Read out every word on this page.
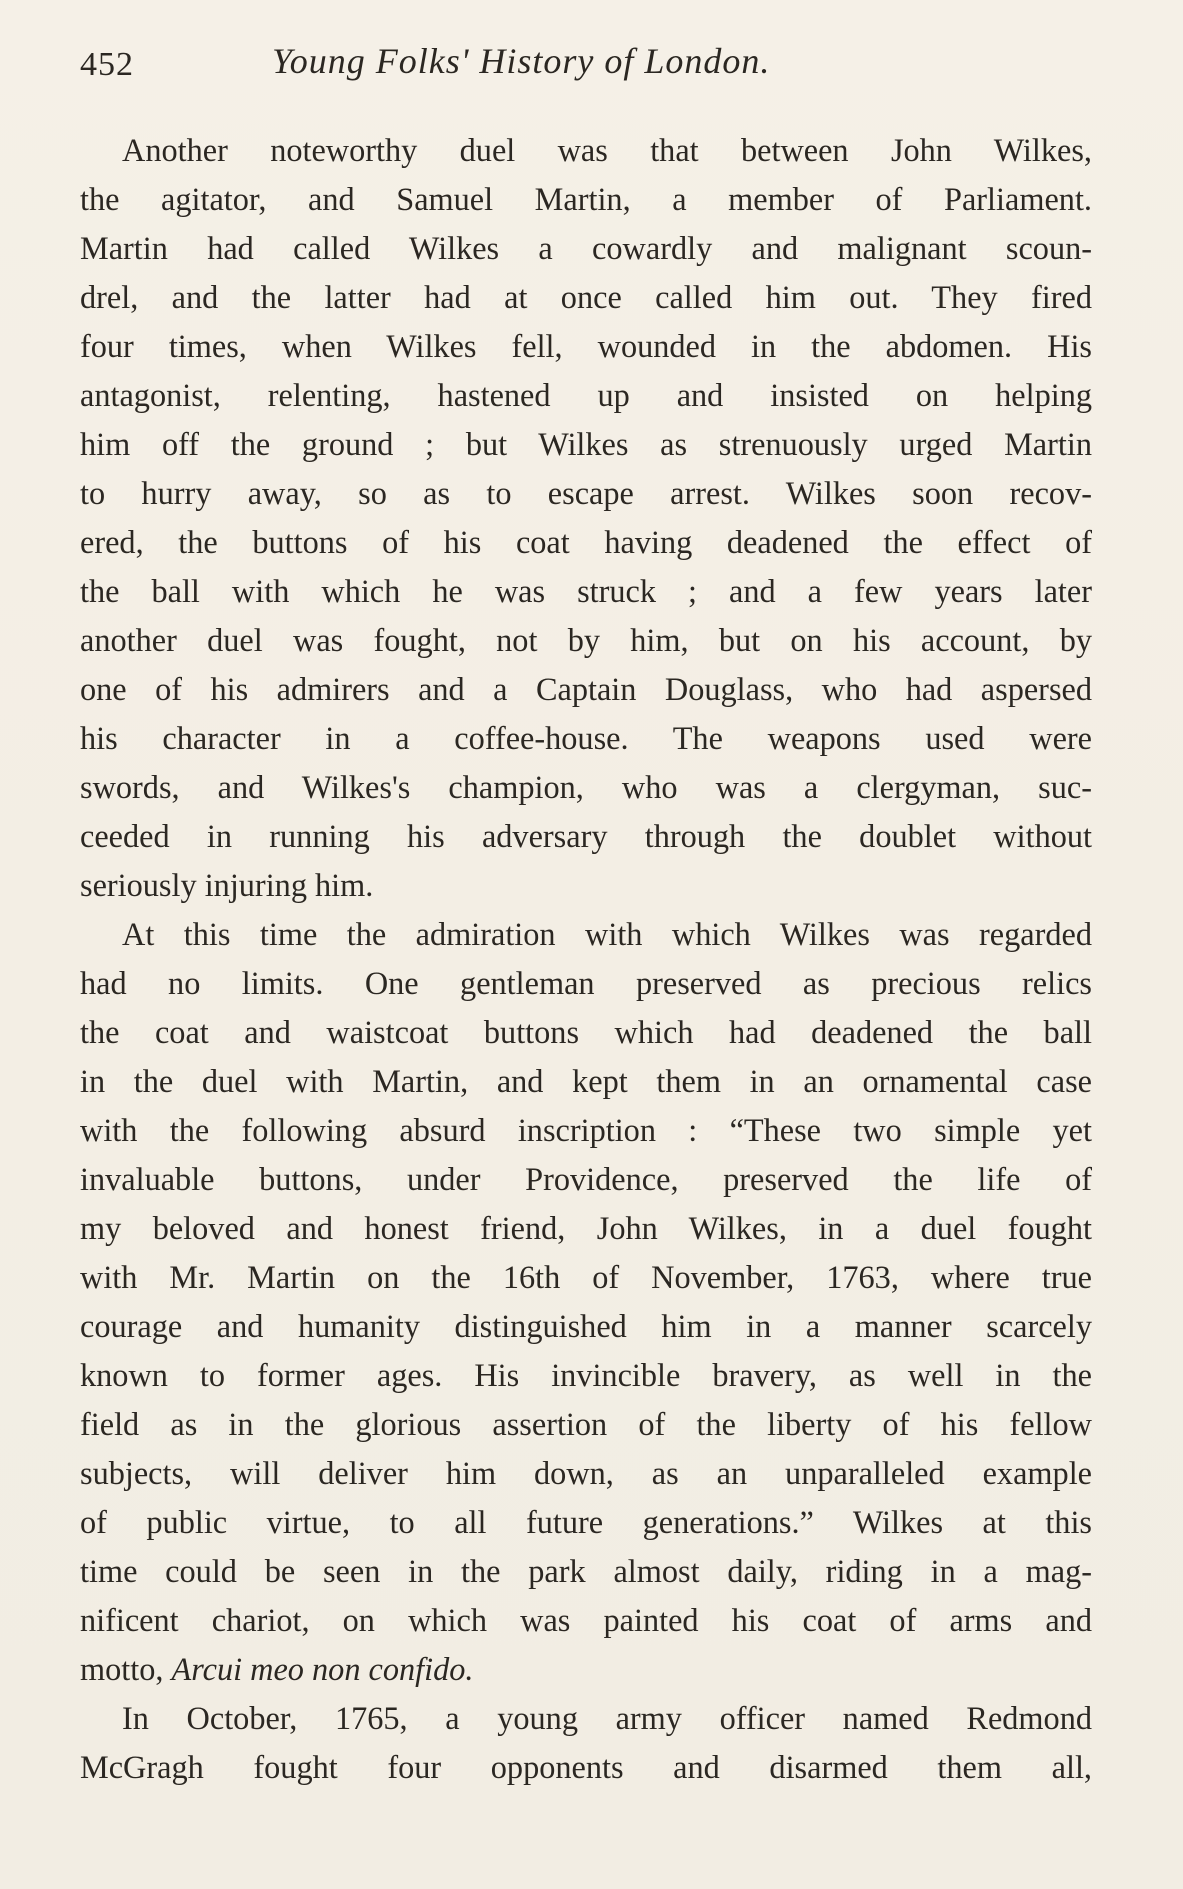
452	Young Folks' History of London.
Another noteworthy duel was that between John Wilkes,
the agitator, and Samuel Martin, a member of Parliament.
Martin had called Wilkes a cowardly and malignant scoun-
drel, and the latter had at once called him out. They fired
four times, when Wilkes fell, wounded in the abdomen. His
antagonist, relenting, hastened up and insisted on helping
him off the ground ; but Wilkes as strenuously urged Martin
to hurry away, so as to escape arrest. Wilkes soon recov-
ered, the buttons of his coat having deadened the effect of
the ball with which he was struck ; and a few years later
another duel was fought, not by him, but on his account, by
one of his admirers and a Captain Douglass, who had aspersed
his character in a coffee-house. The weapons used were
swords, and Wilkes's champion, who was a clergyman, suc-
ceeded in running his adversary through the doublet without
seriously injuring him.
At this time the admiration with which Wilkes was regarded
had no limits. One gentleman preserved as precious relics
the coat and waistcoat buttons which had deadened the ball
in the duel with Martin, and kept them in an ornamental case
with the following absurd inscription : “These two simple yet
invaluable buttons, under Providence, preserved the life of
my beloved and honest friend, John Wilkes, in a duel fought
with Mr. Martin on the 16th of November, 1763, where true
courage and humanity distinguished him in a manner scarcely
known to former ages. His invincible bravery, as well in the
field as in the glorious assertion of the liberty of his fellow
subjects, will deliver him down, as an unparalleled example
of public virtue, to all future generations.” Wilkes at this
time could be seen in the park almost daily, riding in a mag-
nificent chariot, on which was painted his coat of arms and
motto, Arcui meo non confido.
In October, 1765, a young army officer named Redmond
McGragh fought four opponents and disarmed them all,
